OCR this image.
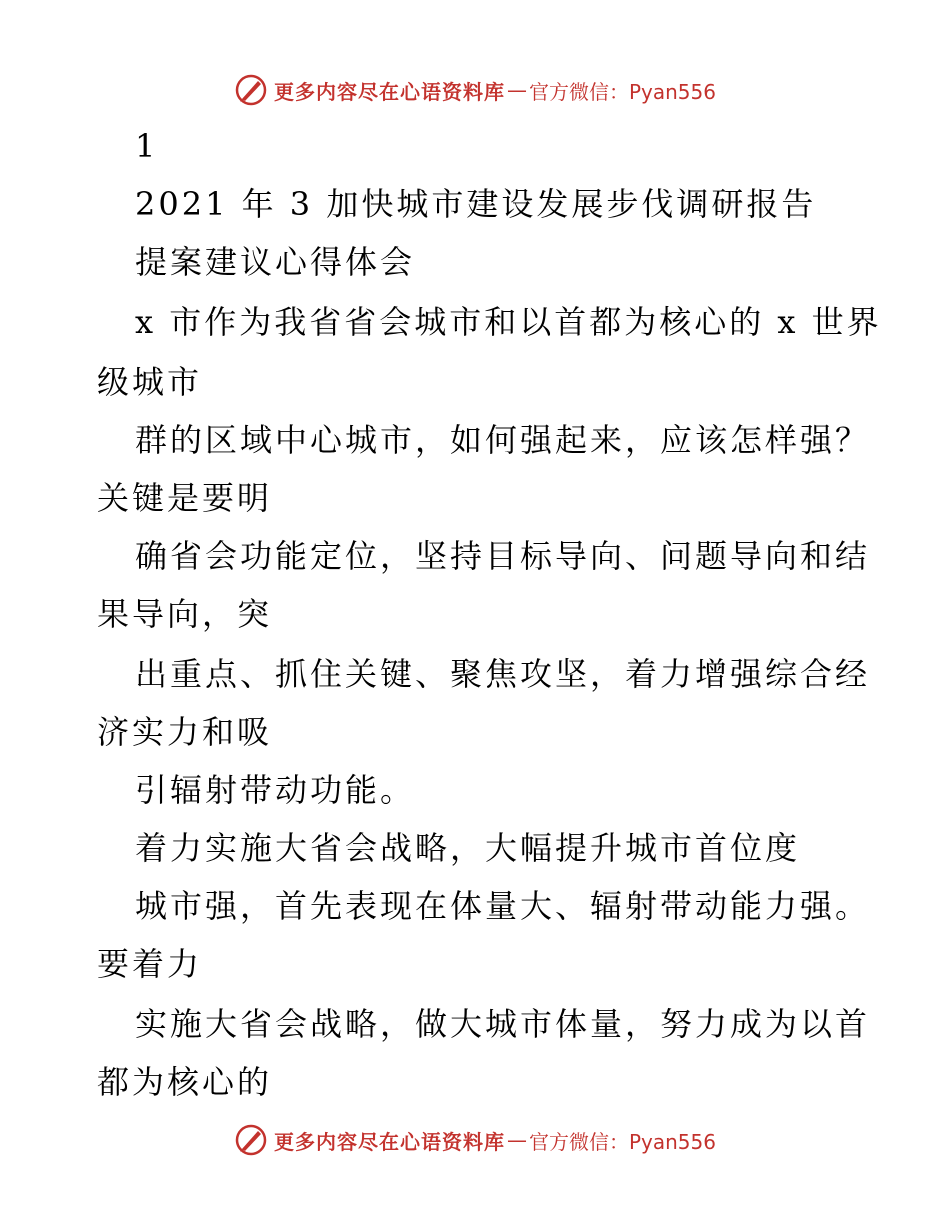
更多内容尽在心语资料库 — 官方微信：Pyan556
1
2021 年 3 加快城市建设发展步伐调研报告
提案建议心得体会
x 市作为我省省会城市和以首都为核心的 x 世界
级城市
群的区域中心城市，如何强起来，应该怎样强？
关键是要明
确省会功能定位，坚持目标导向、问题导向和结
果导向，突
出重点、抓住关键、聚焦攻坚，着力增强综合经
济实力和吸
引辐射带动功能。
着力实施大省会战略，大幅提升城市首位度
城市强，首先表现在体量大、辐射带动能力强。
要着力
实施大省会战略，做大城市体量，努力成为以首
都为核心的
更多内容尽在心语资料库 — 官方微信：Pyan556
